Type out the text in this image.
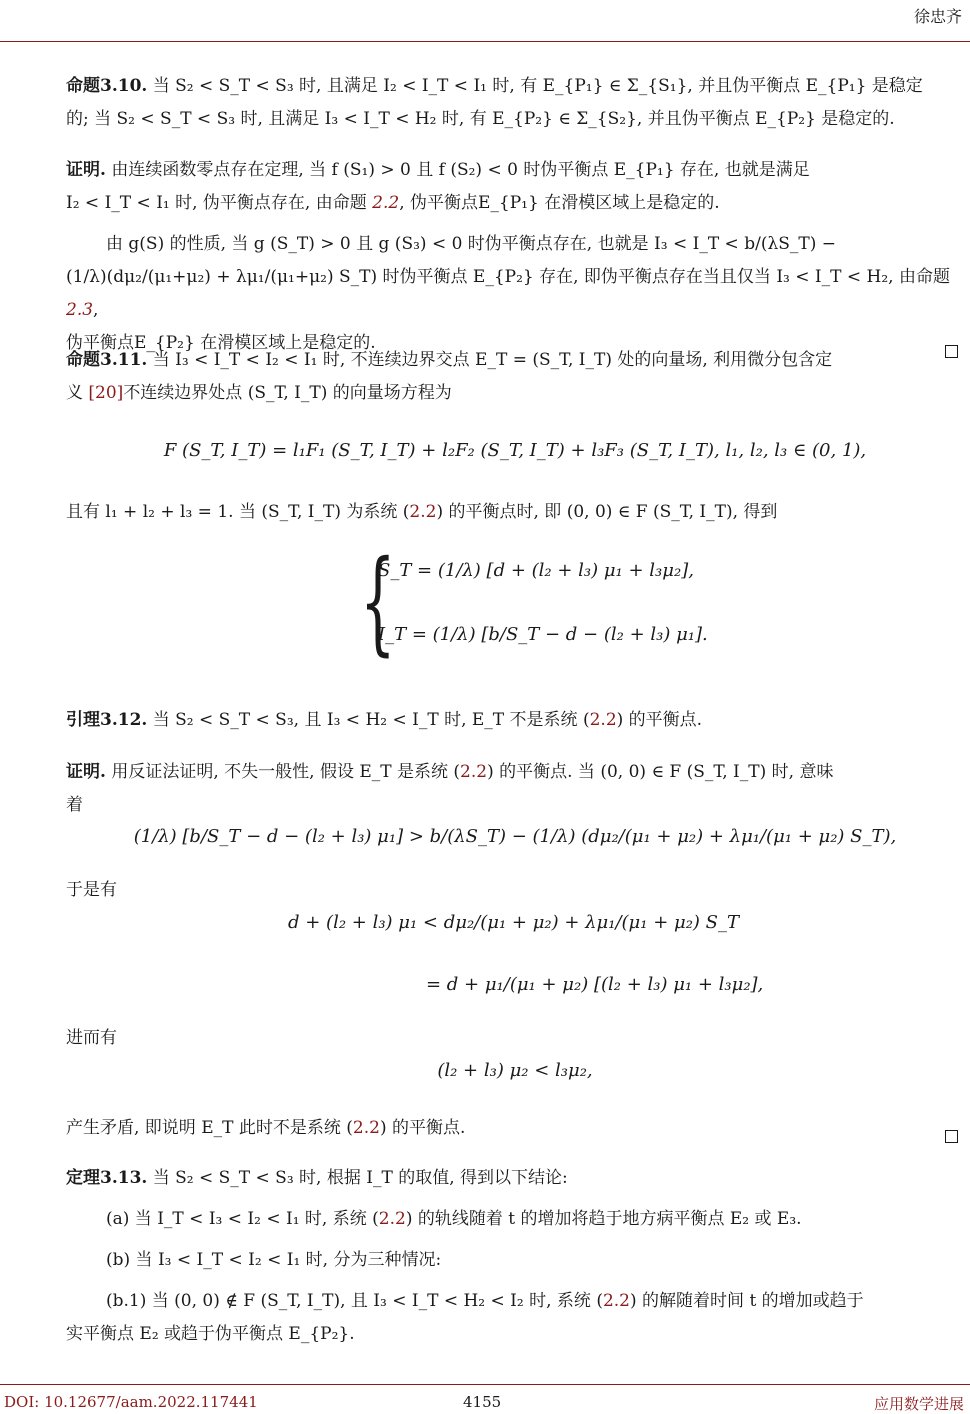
徐忠齐
命题3.10. 当 S₂ < S_T < S₃ 时, 且满足 I₂ < I_T < I₁ 时, 有 E_{P₁} ∈ Σ_{S₁}, 并且伪平衡点 E_{P₁} 是稳定
的; 当 S₂ < S_T < S₃ 时, 且满足 I₃ < I_T < H₂ 时, 有 E_{P₂} ∈ Σ_{S₂}, 并且伪平衡点 E_{P₂} 是稳定的.
证明. 由连续函数零点存在定理, 当 f (S₁) > 0 且 f (S₂) < 0 时伪平衡点 E_{P₁} 存在, 也就是满足
I₂ < I_T < I₁ 时, 伪平衡点存在, 由命题 2.2, 伪平衡点E_{P₁} 在滑模区域上是稳定的.
由 g(S) 的性质, 当 g (S_T) > 0 且 g (S₃) < 0 时伪平衡点存在, 也就是 I₃ < I_T < b/(λS_T) −
(1/λ)(dμ₂/(μ₁+μ₂) + λμ₁/(μ₁+μ₂) S_T) 时伪平衡点 E_{P₂} 存在, 即伪平衡点存在当且仅当 I₃ < I_T < H₂, 由命题 2.3,
伪平衡点E_{P₂} 在滑模区域上是稳定的.
命题3.11. 当 I₃ < I_T < I₂ < I₁ 时, 不连续边界交点 E_T = (S_T, I_T) 处的向量场, 利用微分包含定
义 [20]不连续边界处点 (S_T, I_T) 的向量场方程为
F (S_T, I_T) = l₁F₁ (S_T, I_T) + l₂F₂ (S_T, I_T) + l₃F₃ (S_T, I_T), l₁, l₂, l₃ ∈ (0, 1),
且有 l₁ + l₂ + l₃ = 1. 当 (S_T, I_T) 为系统 (2.2) 的平衡点时, 即 (0, 0) ∈ F (S_T, I_T), 得到
{
S_T = (1/λ) [d + (l₂ + l₃) μ₁ + l₃μ₂],
I_T = (1/λ) [b/S_T − d − (l₂ + l₃) μ₁].
引理3.12. 当 S₂ < S_T < S₃, 且 I₃ < H₂ < I_T 时, E_T 不是系统 (2.2) 的平衡点.
证明. 用反证法证明, 不失一般性, 假设 E_T 是系统 (2.2) 的平衡点. 当 (0, 0) ∈ F (S_T, I_T) 时, 意味
着
(1/λ) [b/S_T − d − (l₂ + l₃) μ₁] > b/(λS_T) − (1/λ) (dμ₂/(μ₁ + μ₂) + λμ₁/(μ₁ + μ₂) S_T),
于是有
d + (l₂ + l₃) μ₁ < dμ₂/(μ₁ + μ₂) + λμ₁/(μ₁ + μ₂) S_T
= d + μ₁/(μ₁ + μ₂) [(l₂ + l₃) μ₁ + l₃μ₂],
进而有
(l₂ + l₃) μ₂ < l₃μ₂,
产生矛盾, 即说明 E_T 此时不是系统 (2.2) 的平衡点.
定理3.13. 当 S₂ < S_T < S₃ 时, 根据 I_T 的取值, 得到以下结论:
(a) 当 I_T < I₃ < I₂ < I₁ 时, 系统 (2.2) 的轨线随着 t 的增加将趋于地方病平衡点 E₂ 或 E₃.
(b) 当 I₃ < I_T < I₂ < I₁ 时, 分为三种情况:
(b.1) 当 (0, 0) ∉ F (S_T, I_T), 且 I₃ < I_T < H₂ < I₂ 时, 系统 (2.2) 的解随着时间 t 的增加或趋于
实平衡点 E₂ 或趋于伪平衡点 E_{P₂}.
DOI: 10.12677/aam.2022.117441	4155	应用数学进展
